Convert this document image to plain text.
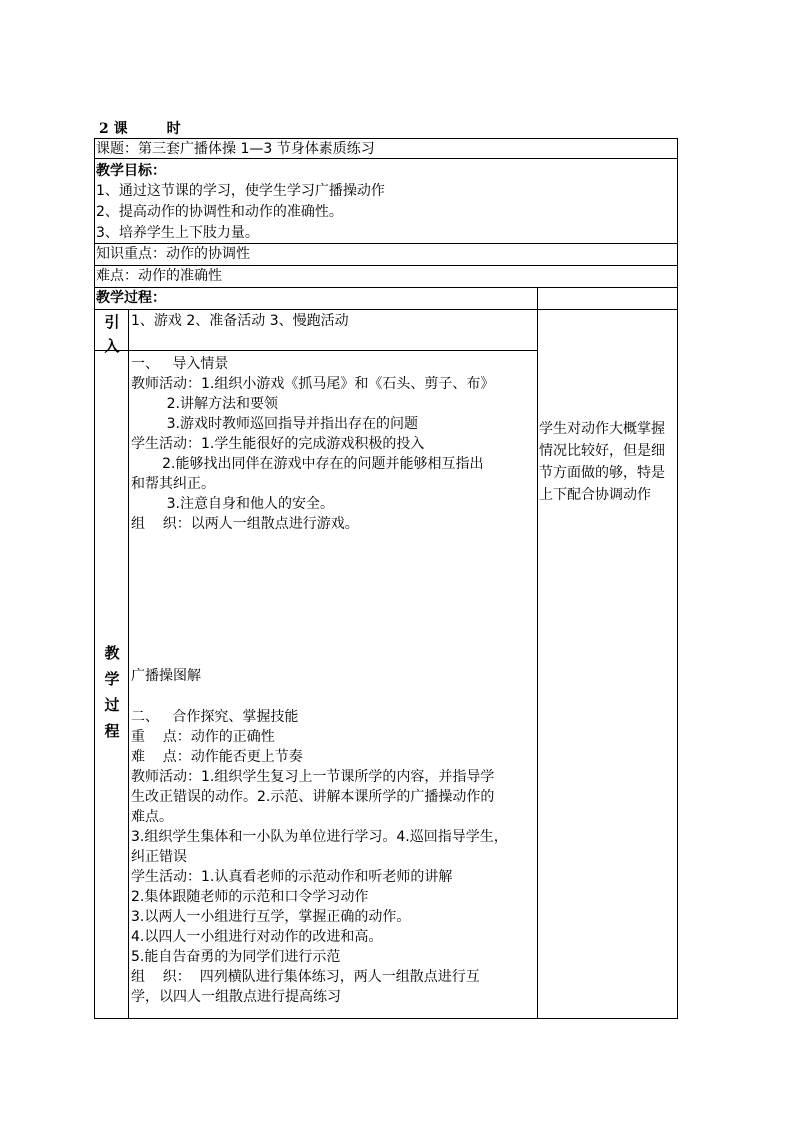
2 课        时
课题：第三套广播体操 1—3 节身体素质练习
教学目标：
1、通过这节课的学习，使学生学习广播操动作
2、提高动作的协调性和动作的准确性。
3、培养学生上下肢力量。
知识重点：动作的协调性
难点：动作的准确性
教学过程：
引
入
1、游戏 2、准备活动 3、慢跑活动
教
学
过
程
一、   导入情景
教师活动：1.组织小游戏《抓马尾》和《石头、剪子、布》
2.讲解方法和要领
3.游戏时教师巡回指导并指出存在的问题
学生活动：1.学生能很好的完成游戏积极的投入
2.能够找出同伴在游戏中存在的问题并能够相互指出
和帮其纠正。
3.注意自身和他人的安全。
组    织：以两人一组散点进行游戏。
广播操图解
二、   合作探究、掌握技能
重    点：动作的正确性
难    点：动作能否更上节奏
教师活动：1.组织学生复习上一节课所学的内容，并指导学
生改正错误的动作。2.示范、讲解本课所学的广播操动作的
难点。
3.组织学生集体和一小队为单位进行学习。4.巡回指导学生，
纠正错误
学生活动：1.认真看老师的示范动作和听老师的讲解
2.集体跟随老师的示范和口令学习动作
3.以两人一小组进行互学，掌握正确的动作。
4.以四人一小组进行对动作的改进和高。
5.能自告奋勇的为同学们进行示范
组    织：  四列横队进行集体练习，两人一组散点进行互
学，以四人一组散点进行提高练习
学生对动作大概掌握情况比较好，但是细节方面做的够，特是上下配合协调动作
